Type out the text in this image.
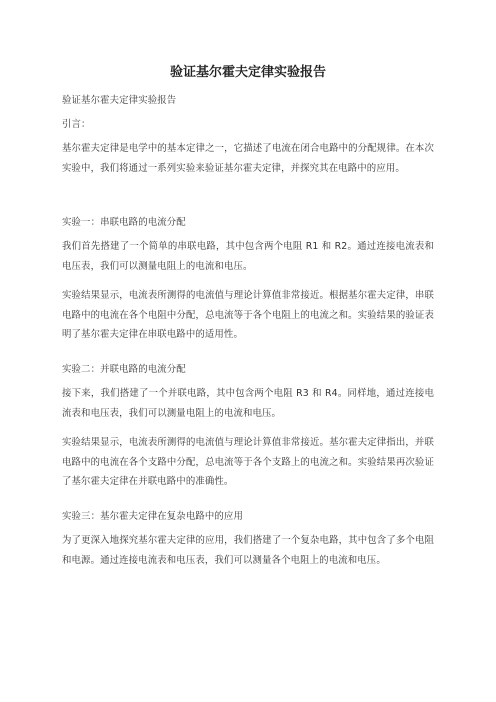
验证基尔霍夫定律实验报告
验证基尔霍夫定律实验报告
引言：
基尔霍夫定律是电学中的基本定律之一，它描述了电流在闭合电路中的分配规律。在本次实验中，我们将通过一系列实验来验证基尔霍夫定律，并探究其在电路中的应用。
实验一：串联电路的电流分配
我们首先搭建了一个简单的串联电路，其中包含两个电阻 R1 和 R2。通过连接电流表和电压表，我们可以测量电阻上的电流和电压。
实验结果显示，电流表所测得的电流值与理论计算值非常接近。根据基尔霍夫定律，串联电路中的电流在各个电阻中分配，总电流等于各个电阻上的电流之和。实验结果的验证表明了基尔霍夫定律在串联电路中的适用性。
实验二：并联电路的电流分配
接下来，我们搭建了一个并联电路，其中包含两个电阻 R3 和 R4。同样地，通过连接电流表和电压表，我们可以测量电阻上的电流和电压。
实验结果显示，电流表所测得的电流值与理论计算值非常接近。基尔霍夫定律指出，并联电路中的电流在各个支路中分配，总电流等于各个支路上的电流之和。实验结果再次验证了基尔霍夫定律在并联电路中的准确性。
实验三：基尔霍夫定律在复杂电路中的应用
为了更深入地探究基尔霍夫定律的应用，我们搭建了一个复杂电路，其中包含了多个电阻和电源。通过连接电流表和电压表，我们可以测量各个电阻上的电流和电压。
